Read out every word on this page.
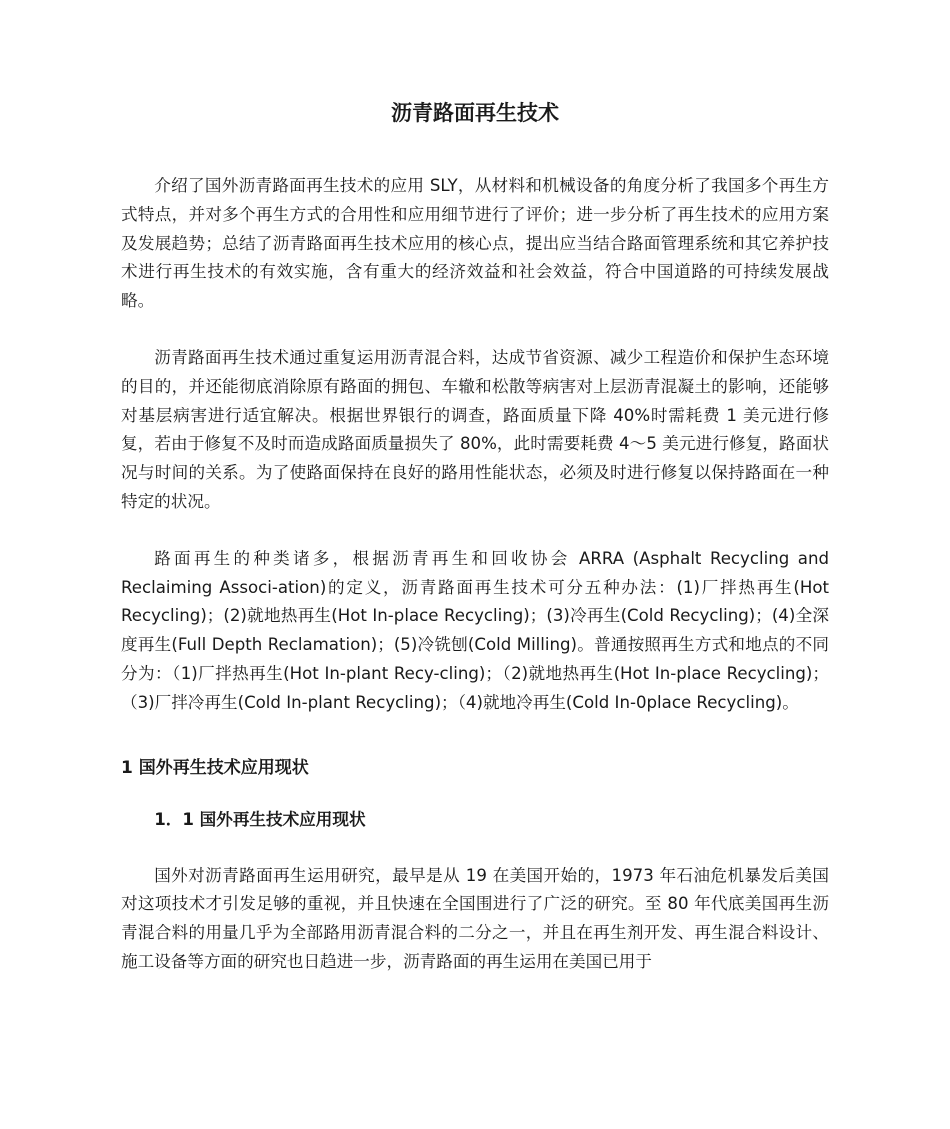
沥青路面再生技术

介绍了国外沥青路面再生技术的应用 SLY，从材料和机械设备的角度分析了我国多个再生方式特点，并对多个再生方式的合用性和应用细节进行了评价；进一步分析了再生技术的应用方案及发展趋势；总结了沥青路面再生技术应用的核心点，提出应当结合路面管理系统和其它养护技术进行再生技术的有效实施，含有重大的经济效益和社会效益，符合中国道路的可持续发展战略。

沥青路面再生技术通过重复运用沥青混合料，达成节省资源、减少工程造价和保护生态环境的目的，并还能彻底消除原有路面的拥包、车辙和松散等病害对上层沥青混凝土的影响，还能够对基层病害进行适宜解决。根据世界银行的调查，路面质量下降 40%时需耗费 1 美元进行修复，若由于修复不及时而造成路面质量损失了 80%，此时需要耗费 4～5 美元进行修复，路面状况与时间的关系。为了使路面保持在良好的路用性能状态，必须及时进行修复以保持路面在一种特定的状况。

路面再生的种类诸多，根据沥青再生和回收协会 ARRA (Asphalt Recycling and Reclaiming Associ-ation)的定义，沥青路面再生技术可分五种办法：(1)厂拌热再生(Hot Recycling)；(2)就地热再生(Hot In-place Recycling)；(3)冷再生(Cold Recycling)；(4)全深度再生(Full Depth Reclamation)；(5)冷铣刨(Cold Milling)。普通按照再生方式和地点的不同分为：（1)厂拌热再生(Hot In-plant Recy-cling)；（2)就地热再生(Hot In-place Recycling)；（3)厂拌冷再生(Cold In-plant Recycling)；（4)就地冷再生(Cold In-0place Recycling)。

1 国外再生技术应用现状
1．1 国外再生技术应用现状

国外对沥青路面再生运用研究，最早是从 19 在美国开始的，1973 年石油危机暴发后美国对这项技术才引发足够的重视，并且快速在全国围进行了广泛的研究。至 80 年代底美国再生沥青混合料的用量几乎为全部路用沥青混合料的二分之一，并且在再生剂开发、再生混合料设计、施工设备等方面的研究也日趋进一步，沥青路面的再生运用在美国已用于
